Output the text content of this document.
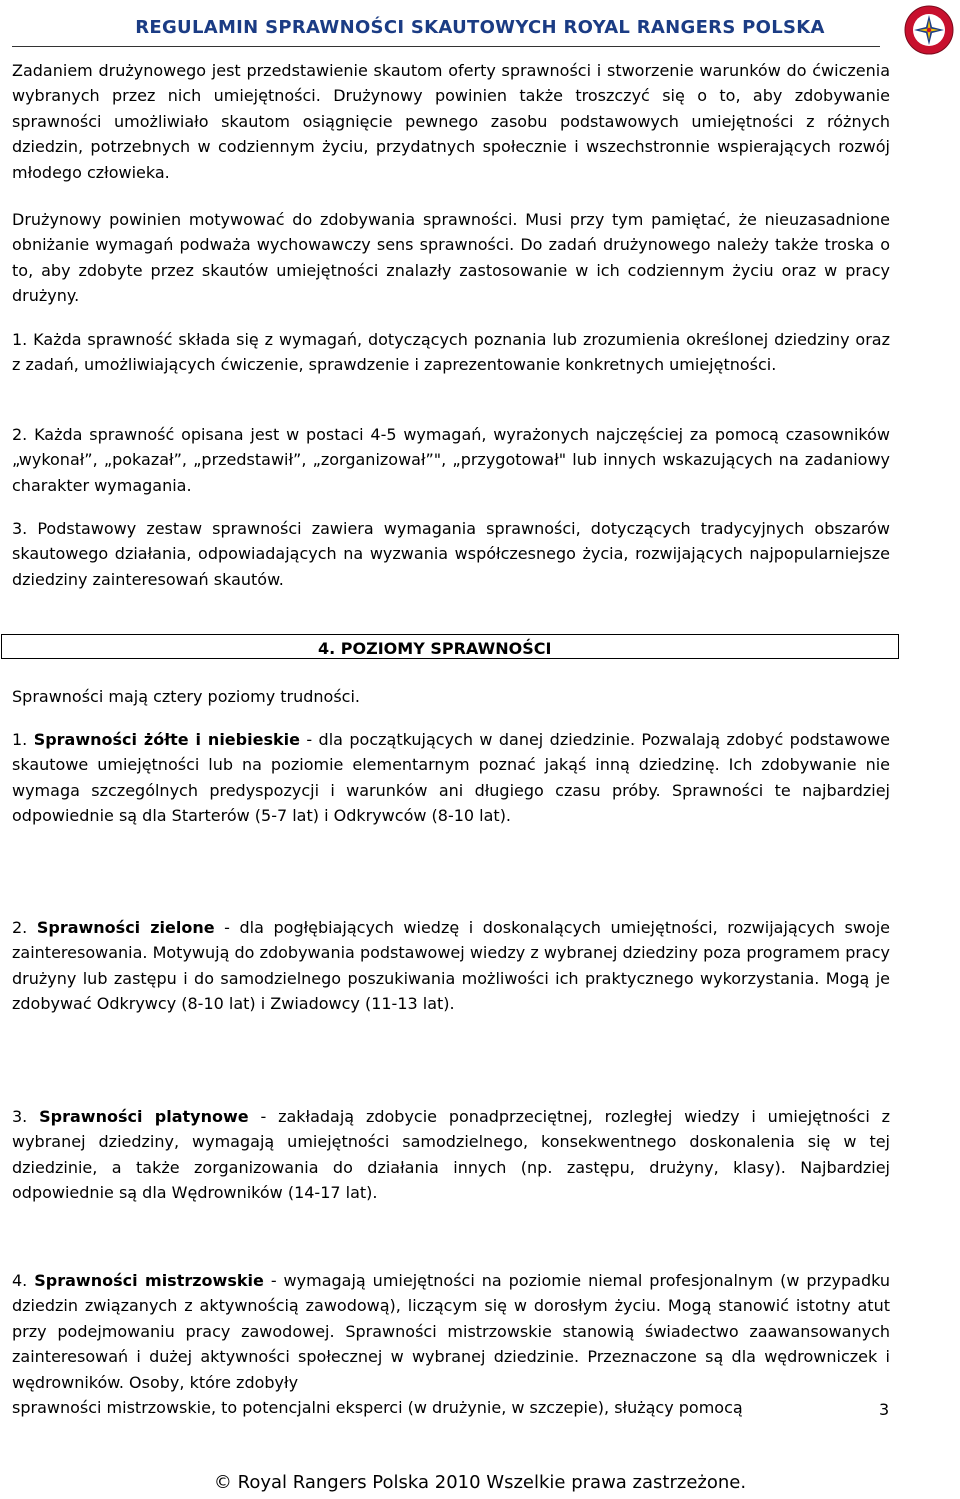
REGULAMIN SPRAWNOŚCI SKAUTOWYCH ROYAL RANGERS POLSKA

Zadaniem drużynowego jest przedstawienie skautom oferty sprawności i stworzenie warunków do ćwiczenia wybranych przez nich umiejętności. Drużynowy powinien także troszczyć się o to, aby zdobywanie sprawności umożliwiało skautom osiągnięcie pewnego zasobu podstawowych umiejętności z różnych dziedzin, potrzebnych w codziennym życiu, przydatnych społecznie i wszechstronnie wspierających rozwój młodego człowieka.

Drużynowy powinien motywować do zdobywania sprawności. Musi przy tym pamiętać, że nieuzasadnione obniżanie wymagań podważa wychowawczy sens sprawności. Do zadań drużynowego należy także troska o to, aby zdobyte przez skautów umiejętności znalazły zastosowanie w ich codziennym życiu oraz w pracy drużyny.

1. Każda sprawność składa się z wymagań, dotyczących poznania lub zrozumienia określonej dziedziny oraz z zadań, umożliwiających ćwiczenie, sprawdzenie i zaprezentowanie konkretnych umiejętności.

2. Każda sprawność opisana jest w postaci 4-5 wymagań, wyrażonych najczęściej za pomocą czasowników „wykonał”, „pokazał”, „przedstawił”, „zorganizował”", „przygotował" lub innych wskazujących na zadaniowy charakter wymagania.

3. Podstawowy zestaw sprawności zawiera wymagania sprawności, dotyczących tradycyjnych obszarów skautowego działania, odpowiadających na wyzwania współczesnego życia, rozwijających najpopularniejsze dziedziny zainteresowań skautów.

4. POZIOMY SPRAWNOŚCI

Sprawności mają cztery poziomy trudności.

1. Sprawności żółte i niebieskie - dla początkujących w danej dziedzinie. Pozwalają zdobyć podstawowe skautowe umiejętności lub na poziomie elementarnym poznać jakąś inną dziedzinę. Ich zdobywanie nie wymaga szczególnych predyspozycji i warunków ani długiego czasu próby. Sprawności te najbardziej odpowiednie są dla Starterów (5-7 lat) i Odkrywców (8-10 lat).

2. Sprawności zielone - dla pogłębiających wiedzę i doskonalących umiejętności, rozwijających swoje zainteresowania. Motywują do zdobywania podstawowej wiedzy z wybranej dziedziny poza programem pracy drużyny lub zastępu i do samodzielnego poszukiwania możliwości ich praktycznego wykorzystania. Mogą je zdobywać Odkrywcy (8-10 lat) i Zwiadowcy (11-13 lat).

3. Sprawności platynowe - zakładają zdobycie ponadprzeciętnej, rozległej wiedzy i umiejętności z wybranej dziedziny, wymagają umiejętności samodzielnego, konsekwentnego doskonalenia się w tej dziedzinie, a także zorganizowania do działania innych (np. zastępu, drużyny, klasy). Najbardziej odpowiednie są dla Wędrowników (14-17 lat).

4. Sprawności mistrzowskie - wymagają umiejętności na poziomie niemal profesjonalnym (w przypadku dziedzin związanych z aktywnością zawodową), liczącym się w dorosłym życiu. Mogą stanowić istotny atut przy podejmowaniu pracy zawodowej. Sprawności mistrzowskie stanowią świadectwo zaawansowanych zainteresowań i dużej aktywności społecznej w wybranej dziedzinie. Przeznaczone są dla wędrowniczek i wędrowników. Osoby, które zdobyły
sprawności mistrzowskie, to potencjalni eksperci (w drużynie, w szczepie), służący pomocą	3
© Royal Rangers Polska 2010 Wszelkie prawa zastrzeżone.
